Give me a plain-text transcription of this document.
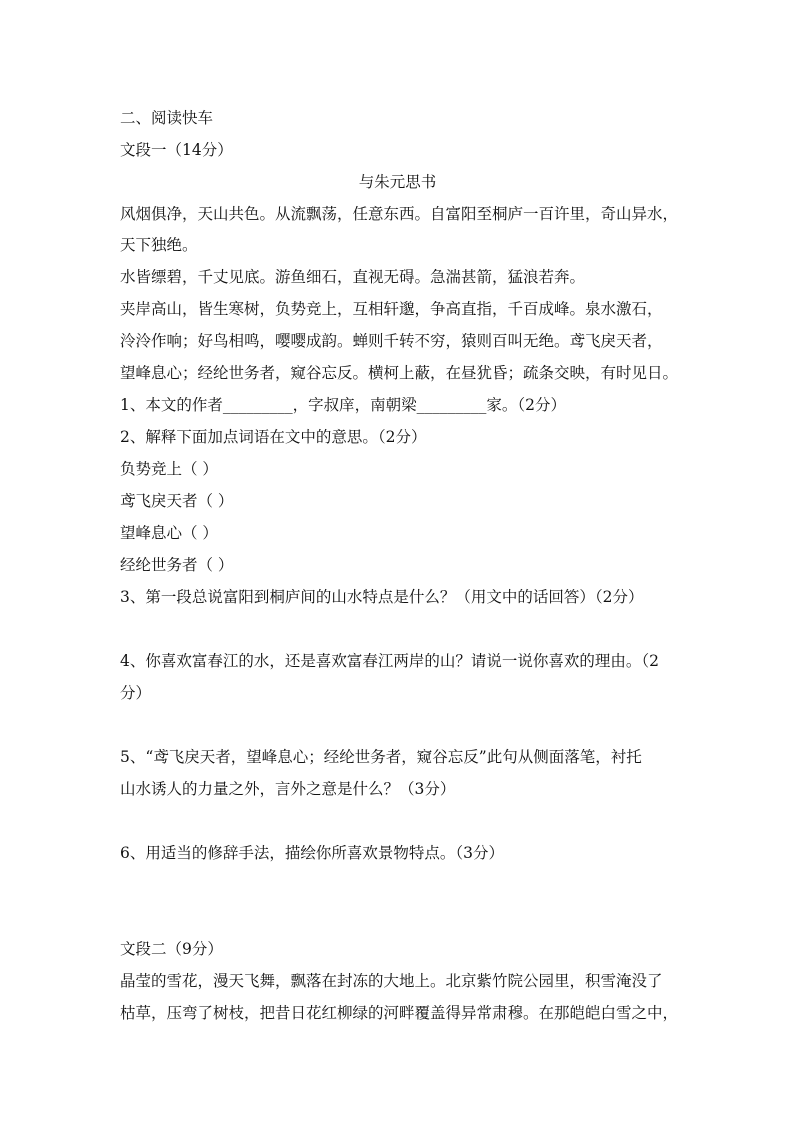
二、阅读快车
文段一（14分）
与朱元思书
风烟俱净，天山共色。从流飘荡，任意东西。自富阳至桐庐一百许里，奇山异水，
天下独绝。
水皆缥碧，千丈见底。游鱼细石，直视无碍。急湍甚箭，猛浪若奔。
夹岸高山，皆生寒树，负势竞上，互相轩邈，争高直指，千百成峰。泉水激石，
泠泠作响；好鸟相鸣，嘤嘤成韵。蝉则千转不穷，猿则百叫无绝。鸢飞戾天者，
望峰息心；经纶世务者，窥谷忘反。横柯上蔽，在昼犹昏；疏条交映，有时见日。
1、本文的作者_________，字叔庠，南朝梁_________家。（2分）
2、解释下面加点词语在文中的意思。（2分）
负势竞上（ ）
鸢飞戾天者（ ）
望峰息心（ ）
经纶世务者（ ）
3、第一段总说富阳到桐庐间的山水特点是什么？（用文中的话回答）（2分）
4、你喜欢富春江的水，还是喜欢富春江两岸的山？请说一说你喜欢的理由。（2
分）
5、“鸢飞戾天者，望峰息心；经纶世务者，窥谷忘反”此句从侧面落笔，衬托
山水诱人的力量之外，言外之意是什么？（3分）
6、用适当的修辞手法，描绘你所喜欢景物特点。（3分）
文段二（9分）
晶莹的雪花，漫天飞舞，飘落在封冻的大地上。北京紫竹院公园里，积雪淹没了
枯草，压弯了树枝，把昔日花红柳绿的河畔覆盖得异常肃穆。在那皑皑白雪之中，
